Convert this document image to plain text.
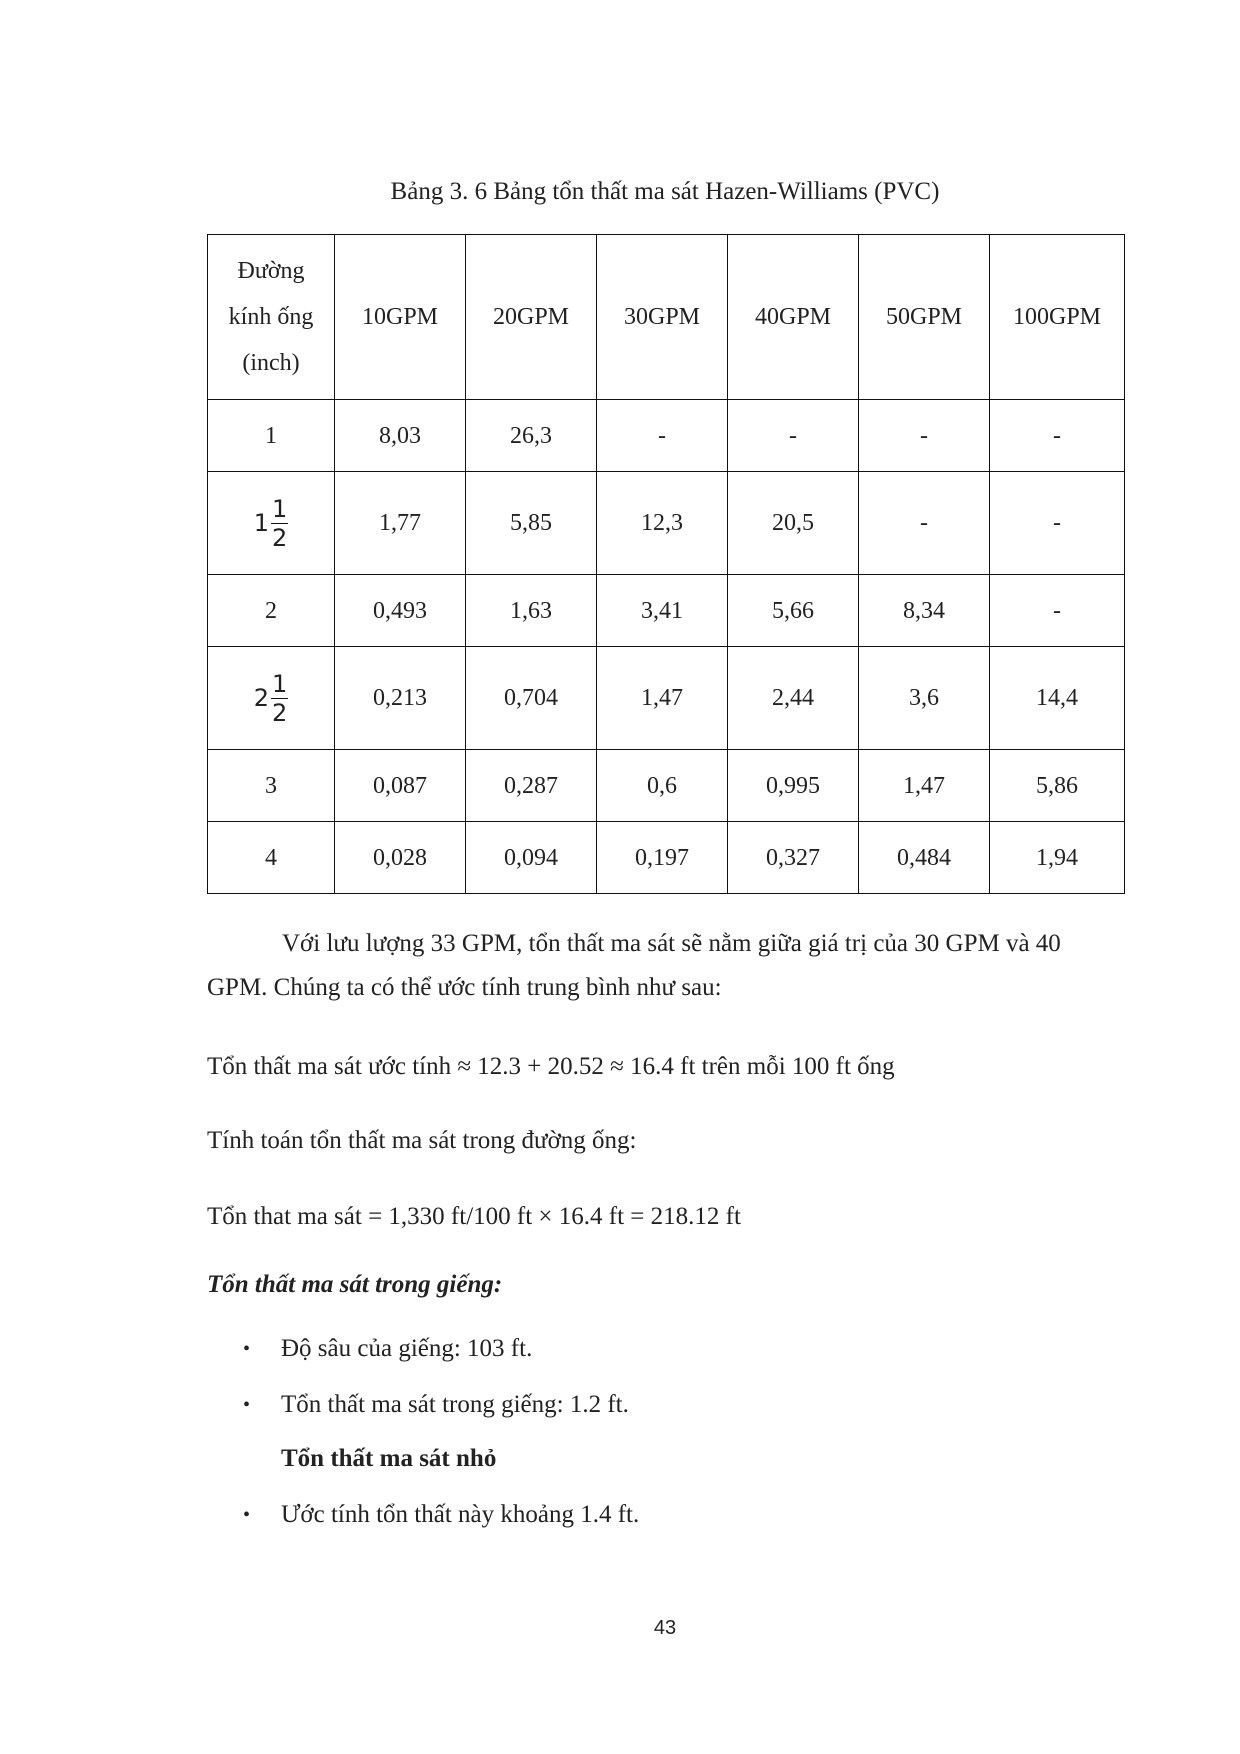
Bảng 3. 6 Bảng tổn thất ma sát Hazen-Williams (PVC)
Đường
kính ống
(inch)	10GPM	20GPM	30GPM	40GPM	50GPM	100GPM
1	8,03	26,3	-	-	-	-

$1 \frac{1}{2}$	1,77	5,85	12,3	20,5	-	-
2	0,493	1,63	3,41	5,66	8,34	-

$2 \frac{1}{2}$	0,213	0,704	1,47	2,44	3,6	14,4
3	0,087	0,287	0,6	0,995	1,47	5,86
4	0,028	0,094	0,197	0,327	0,484	1,94

Với lưu lượng 33 GPM, tổn thất ma sát sẽ nằm giữa giá trị của 30 GPM và 40 GPM. Chúng ta có thể ước tính trung bình như sau:

Tổn thất ma sát ước tính ≈ 12.3 + 20.52 ≈ 16.4 ft trên mỗi 100 ft ống

Tính toán tổn thất ma sát trong đường ống:

Tổn that ma sát = 1,330 ft/100 ft × 16.4 ft = 218.12 ft

Tổn thất ma sát trong giếng:
• Độ sâu của giếng: 103 ft.
• Tổn thất ma sát trong giếng: 1.2 ft.
Tổn thất ma sát nhỏ
• Ước tính tổn thất này khoảng 1.4 ft.
43
